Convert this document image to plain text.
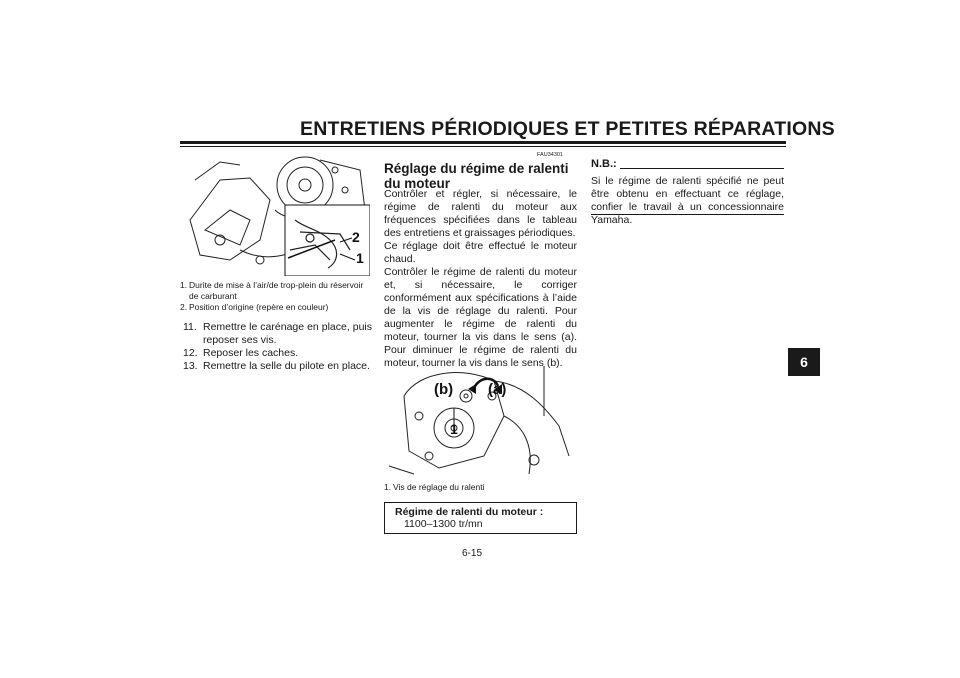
ENTRETIENS PÉRIODIQUES ET PETITES RÉPARATIONS
6
2
1
1. Durite de mise à l’air/de trop-plein du réservoir de carburant
2. Position d’origine (repère en couleur)
11. Remettre le carénage en place, puis reposer ses vis.
12. Reposer les caches.
13. Remettre la selle du pilote en place.
FAU34301
Réglage du régime de ralenti du moteur
Contrôler et régler, si nécessaire, le régime de ralenti du moteur aux fréquences spécifiées dans le tableau des entretiens et graissages périodiques.
Ce réglage doit être effectué le moteur chaud.
Contrôler le régime de ralenti du moteur et, si nécessaire, le corriger conformément aux spécifications à l’aide de la vis de réglage du ralenti. Pour augmenter le régime de ralenti du moteur, tourner la vis dans le sens (a). Pour diminuer le régime de ralenti du moteur, tourner la vis dans le sens (b).
(b) (a)
1
1. Vis de réglage du ralenti
Régime de ralenti du moteur :
1100–1300 tr/mn
N.B.:
Si le régime de ralenti spécifié ne peut être obtenu en effectuant ce réglage, confier le travail à un concessionnaire Yamaha.
6-15
